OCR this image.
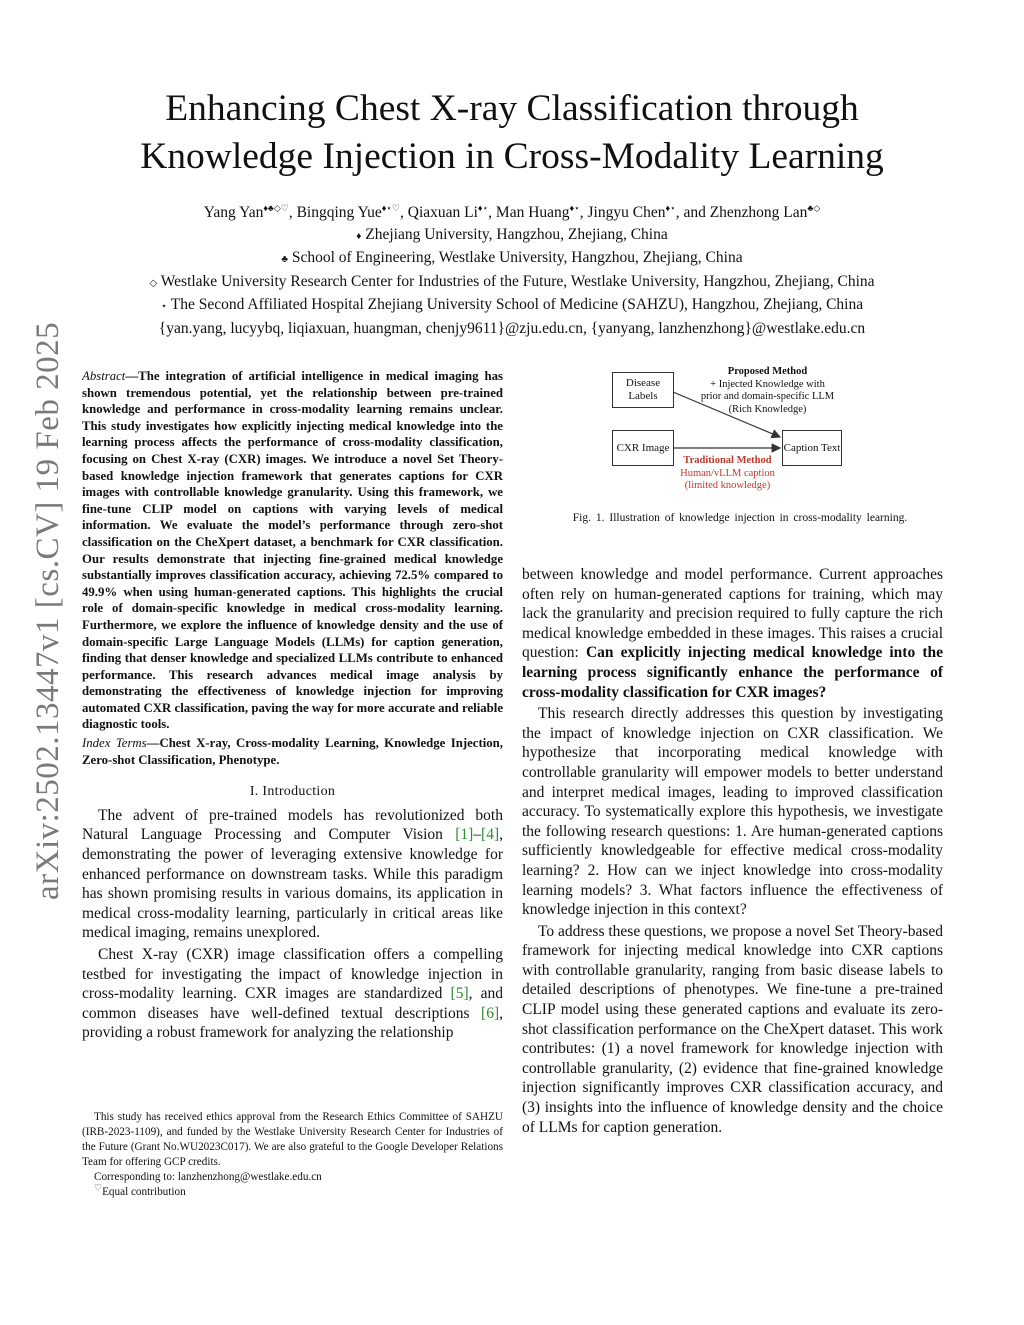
arXiv:2502.13447v1 [cs.CV] 19 Feb 2025
Enhancing Chest X-ray Classification through
Knowledge Injection in Cross-Modality Learning
Yang Yan♦♣◇♡, Bingqing Yue♦⋆♡, Qiaxuan Li♦⋆, Man Huang♦⋆, Jingyu Chen♦⋆, and Zhenzhong Lan♣◇
♦ Zhejiang University, Hangzhou, Zhejiang, China
♣ School of Engineering, Westlake University, Hangzhou, Zhejiang, China
◇ Westlake University Research Center for Industries of the Future, Westlake University, Hangzhou, Zhejiang, China
⋆ The Second Affiliated Hospital Zhejiang University School of Medicine (SAHZU), Hangzhou, Zhejiang, China
{yan.yang, lucyybq, liqiaxuan, huangman, chenjy9611}@zju.edu.cn, {yanyang, lanzhenzhong}@westlake.edu.cn
Abstract—The integration of artificial intelligence in medical imaging has shown tremendous potential, yet the relationship between pre-trained knowledge and performance in cross-modality learning remains unclear. This study investigates how explicitly injecting medical knowledge into the learning process affects the performance of cross-modality classification, focusing on Chest X-ray (CXR) images. We introduce a novel Set Theory-based knowledge injection framework that generates captions for CXR images with controllable knowledge granularity. Using this framework, we fine-tune CLIP model on captions with varying levels of medical information. We evaluate the model’s performance through zero-shot classification on the CheXpert dataset, a benchmark for CXR classification. Our results demonstrate that injecting fine-grained medical knowledge substantially improves classification accuracy, achieving 72.5% compared to 49.9% when using human-generated captions. This highlights the crucial role of domain-specific knowledge in medical cross-modality learning. Furthermore, we explore the influence of knowledge density and the use of domain-specific Large Language Models (LLMs) for caption generation, finding that denser knowledge and specialized LLMs contribute to enhanced performance. This research advances medical image analysis by demonstrating the effectiveness of knowledge injection for improving automated CXR classification, paving the way for more accurate and reliable diagnostic tools.
Index Terms—Chest X-ray, Cross-modality Learning, Knowledge Injection, Zero-shot Classification, Phenotype.
I. Introduction

The advent of pre-trained models has revolutionized both Natural Language Processing and Computer Vision [1]–[4], demonstrating the power of leveraging extensive knowledge for enhanced performance on downstream tasks. While this paradigm has shown promising results in various domains, its application in medical cross-modality learning, particularly in critical areas like medical imaging, remains unexplored.

Chest X-ray (CXR) image classification offers a compelling testbed for investigating the impact of knowledge injection in cross-modality learning. CXR images are standardized [5], and common diseases have well-defined textual descriptions [6], providing a robust framework for analyzing the relationship

This study has received ethics approval from the Research Ethics Committee of SAHZU (IRB-2023-1109), and funded by the Westlake University Research Center for Industries of the Future (Grant No.WU2023C017). We are also grateful to the Google Developer Relations Team for offering GCP credits.

Corresponding to: lanzhenzhong@westlake.edu.cn

♡Equal contribution

Disease Labels
CXR Image	Caption Text
Proposed Method
+ Injected Knowledge with
prior and domain-specific LLM
(Rich Knowledge)
Traditional Method
Human/vLLM caption
(limited knowledge)
Fig. 1. Illustration of knowledge injection in cross-modality learning.

between knowledge and model performance. Current approaches often rely on human-generated captions for training, which may lack the granularity and precision required to fully capture the rich medical knowledge embedded in these images. This raises a crucial question: Can explicitly injecting medical knowledge into the learning process significantly enhance the performance of cross-modality classification for CXR images?

This research directly addresses this question by investigating the impact of knowledge injection on CXR classification. We hypothesize that incorporating medical knowledge with controllable granularity will empower models to better understand and interpret medical images, leading to improved classification accuracy. To systematically explore this hypothesis, we investigate the following research questions: 1. Are human-generated captions sufficiently knowledgeable for effective medical cross-modality learning? 2. How can we inject knowledge into cross-modality learning models? 3. What factors influence the effectiveness of knowledge injection in this context?

To address these questions, we propose a novel Set Theory-based framework for injecting medical knowledge into CXR captions with controllable granularity, ranging from basic disease labels to detailed descriptions of phenotypes. We fine-tune a pre-trained CLIP model using these generated captions and evaluate its zero-shot classification performance on the CheXpert dataset. This work contributes: (1) a novel framework for knowledge injection with controllable granularity, (2) evidence that fine-grained knowledge injection significantly improves CXR classification accuracy, and (3) insights into the influence of knowledge density and the choice of LLMs for caption generation.
